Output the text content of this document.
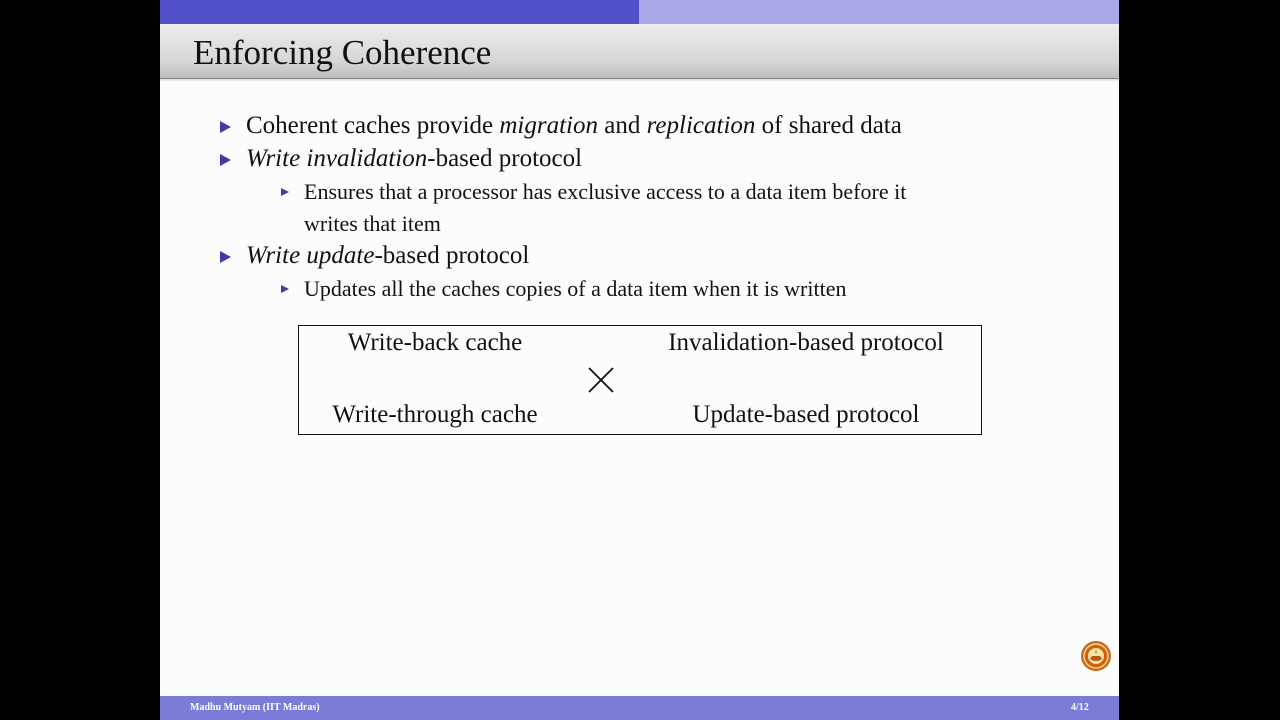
Enforcing Coherence
Coherent caches provide migration and replication of shared data
Write invalidation-based protocol
Ensures that a processor has exclusive access to a data item before it
writes that item
Write update-based protocol
Updates all the caches copies of a data item when it is written
Write-back cache
Write-through cache
Invalidation-based protocol
Update-based protocol
Madhu Mutyam (IIT Madras)	4/12
